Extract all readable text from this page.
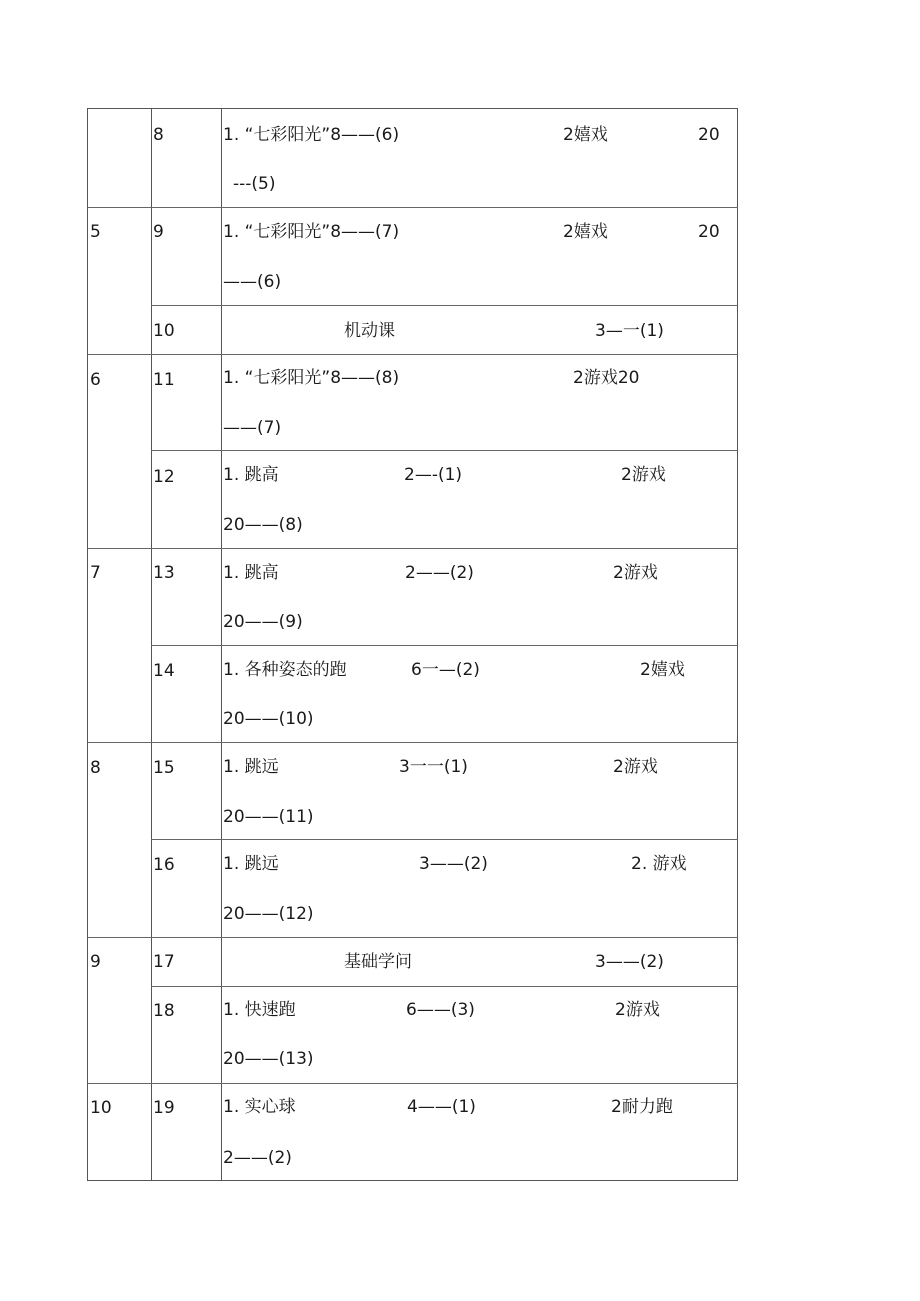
8	1. “七彩阳光”8——(6)	2嬉戏	20
---(5)
5	9	1. “七彩阳光”8——(7)	2嬉戏	20
——(6)
10	机动课	3—一(1)
6	11	1. “七彩阳光”8——(8)	2游戏20
——(7)
12	1. 跳高	2—-(1)	2游戏
20——(8)
7	13	1. 跳高	2——(2)	2游戏
20——(9)
14	1. 各种姿态的跑	6一—(2)	2嬉戏
20——(10)
8	15	1. 跳远	3一一(1)	2游戏
20——(11)
16	1. 跳远	3——(2)	2. 游戏
20——(12)
9	17	基础学问	3——(2)
18	1. 快速跑	6——(3)	2游戏
20——(13)
10 19	1. 实心球	4——(1)	2耐力跑
2——(2)
